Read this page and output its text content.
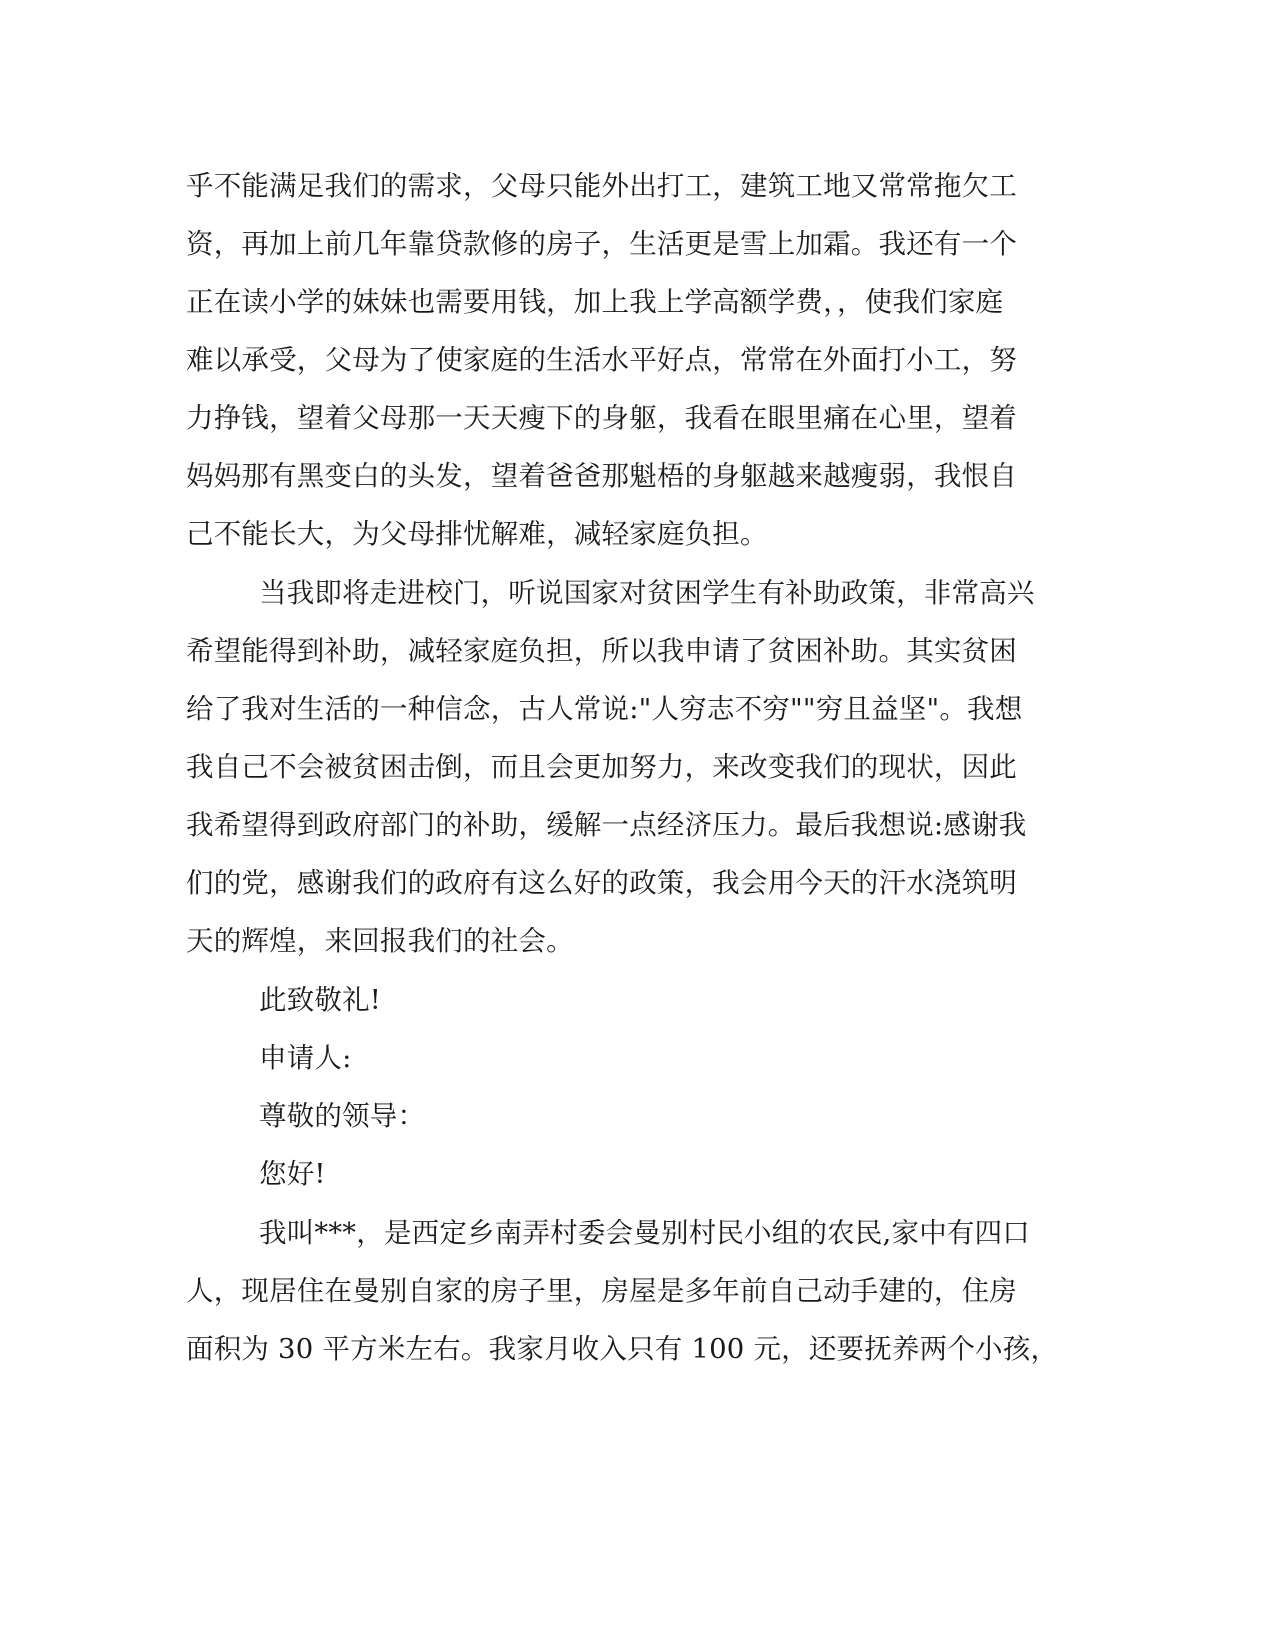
乎不能满足我们的需求，父母只能外出打工，建筑工地又常常拖欠工
资，再加上前几年靠贷款修的房子，生活更是雪上加霜。我还有一个
正在读小学的妹妹也需要用钱，加上我上学高额学费，，使我们家庭
难以承受，父母为了使家庭的生活水平好点，常常在外面打小工，努
力挣钱，望着父母那一天天瘦下的身躯，我看在眼里痛在心里，望着
妈妈那有黑变白的头发，望着爸爸那魁梧的身躯越来越瘦弱，我恨自
己不能长大，为父母排忧解难，减轻家庭负担。
当我即将走进校门，听说国家对贫困学生有补助政策，非常高兴
希望能得到补助，减轻家庭负担，所以我申请了贫困补助。其实贫困
给了我对生活的一种信念，古人常说:"人穷志不穷""穷且益坚"。我想
我自己不会被贫困击倒，而且会更加努力，来改变我们的现状，因此
我希望得到政府部门的补助，缓解一点经济压力。最后我想说:感谢我
们的党，感谢我们的政府有这么好的政策，我会用今天的汗水浇筑明
天的辉煌，来回报我们的社会。
此致敬礼!
申请人:
尊敬的领导：
您好!
我叫***，是西定乡南弄村委会曼别村民小组的农民,家中有四口
人，现居住在曼别自家的房子里，房屋是多年前自己动手建的，住房
面积为 30 平方米左右。我家月收入只有 100 元，还要抚养两个小孩，
